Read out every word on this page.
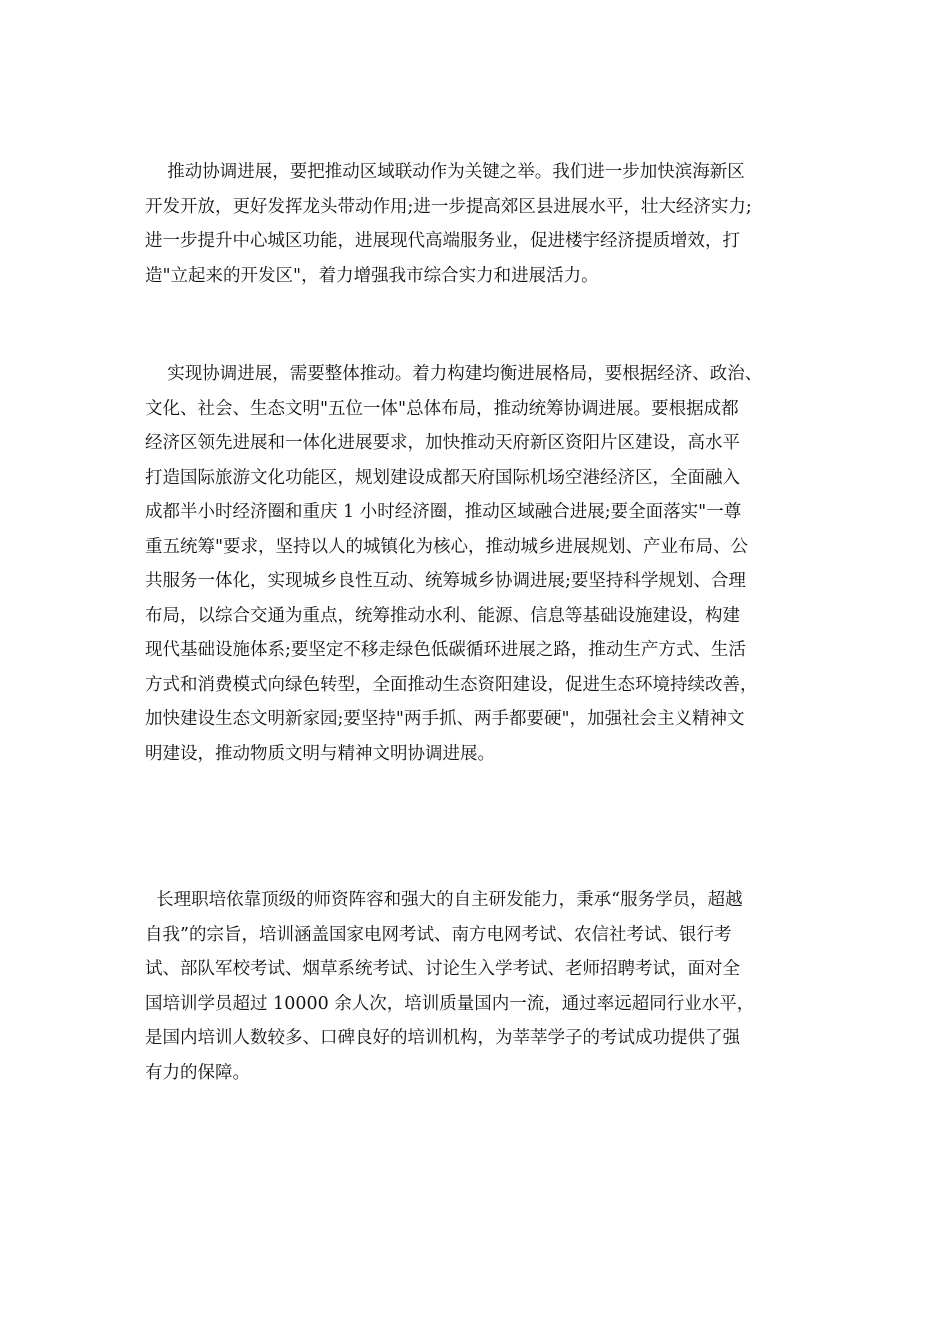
推动协调进展，要把推动区域联动作为关键之举。我们进一步加快滨海新区
开发开放，更好发挥龙头带动作用;进一步提高郊区县进展水平，壮大经济实力;
进一步提升中心城区功能，进展现代高端服务业，促进楼宇经济提质增效，打
造"立起来的开发区"，着力增强我市综合实力和进展活力。
实现协调进展，需要整体推动。着力构建均衡进展格局，要根据经济、政治、
文化、社会、生态文明"五位一体"总体布局，推动统筹协调进展。要根据成都
经济区领先进展和一体化进展要求，加快推动天府新区资阳片区建设，高水平
打造国际旅游文化功能区，规划建设成都天府国际机场空港经济区，全面融入
成都半小时经济圈和重庆 1 小时经济圈，推动区域融合进展;要全面落实"一尊
重五统筹"要求，坚持以人的城镇化为核心，推动城乡进展规划、产业布局、公
共服务一体化，实现城乡良性互动、统筹城乡协调进展;要坚持科学规划、合理
布局，以综合交通为重点，统筹推动水利、能源、信息等基础设施建设，构建
现代基础设施体系;要坚定不移走绿色低碳循环进展之路，推动生产方式、生活
方式和消费模式向绿色转型，全面推动生态资阳建设，促进生态环境持续改善，
加快建设生态文明新家园;要坚持"两手抓、两手都要硬"，加强社会主义精神文
明建设，推动物质文明与精神文明协调进展。
长理职培依靠顶级的师资阵容和强大的自主研发能力，秉承“服务学员，超越
自我”的宗旨，培训涵盖国家电网考试、南方电网考试、农信社考试、银行考
试、部队军校考试、烟草系统考试、讨论生入学考试、老师招聘考试，面对全
国培训学员超过 10000 余人次，培训质量国内一流，通过率远超同行业水平，
是国内培训人数较多、口碑良好的培训机构，为莘莘学子的考试成功提供了强
有力的保障。
